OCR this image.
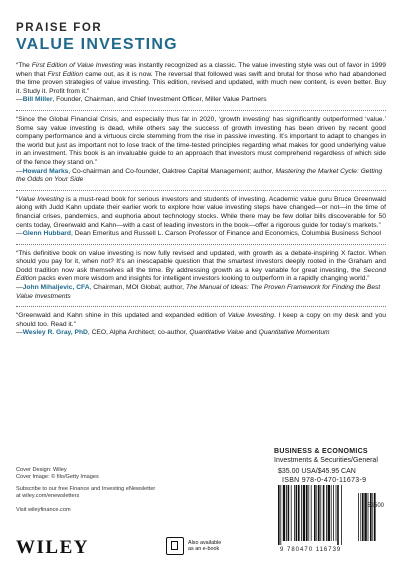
PRAISE FOR
VALUE INVESTING

“The First Edition of Value Investing was instantly recognized as a classic. The value investing style was out of favor in 1999 when that First Edition came out, as it is now. The reversal that followed was swift and brutal for those who had abandoned the time proven strategies of value investing. This edition, revised and updated, with much new content, is even better. Buy it. Study it. Profit from it.”

—Bill Miller, Founder, Chairman, and Chief Investment Officer, Miller Value Partners

“Since the Global Financial Crisis, and especially thus far in 2020, ‘growth investing’ has significantly outperformed ‘value.’ Some say value investing is dead, while others say the success of growth investing has been driven by recent good company performance and a virtuous circle stemming from the rise in passive investing. It’s important to adapt to changes in the world but just as important not to lose track of the time-tested principles regarding what makes for good underlying value in an investment. This book is an invaluable guide to an approach that investors must comprehend regardless of which side of the fence they stand on.”

—Howard Marks, Co-chairman and Co-founder, Oaktree Capital Management; author, Mastering the Market Cycle: Getting the Odds on Your Side

“Value Investing is a must-read book for serious investors and students of investing. Academic value guru Bruce Greenwald along with Judd Kahn update their earlier work to explore how value investing steps have changed—or not—in the time of financial crises, pandemics, and euphoria about technology stocks. While there may be few dollar bills discoverable for 50 cents today, Greenwald and Kahn—with a cast of leading investors in the book—offer a rigorous guide for today’s markets.”

—Glenn Hubbard, Dean Emeritus and Russell L. Carson Professor of Finance and Economics, Columbia Business School

“This definitive book on value investing is now fully revised and updated, with growth as a debate-inspiring X factor. When should you pay for it, when not? It’s an inescapable question that the smartest investors deeply rooted in the Graham and Dodd tradition now ask themselves all the time. By addressing growth as a key variable for great investing, the Second Edition packs even more wisdom and insights for intelligent investors looking to outperform in a rapidly changing world.”

—John Mihaljevic, CFA, Chairman, MOI Global; author, The Manual of Ideas: The Proven Framework for Finding the Best Value Investments

“Greenwald and Kahn shine in this updated and expanded edition of Value Investing. I keep a copy on my desk and you should too. Read it.”

—Wesley R. Gray, PhD, CEO, Alpha Architect; co-author, Quantitative Value and Quantitative Momentum

Cover Design: Wiley
Cover Image: © filo/Getty Images
Subscribe to our free Finance and Investing eNewsletter
at wiley.com/enewsletters
Visit wileyfinance.com
WILEY	Also available
as an e-book
BUSINESS & ECONOMICS
Investments & Securities/General
$35.00 USA/$45.95 CAN
ISBN 978-0-470-11673-9
53500
9 780470 116739
